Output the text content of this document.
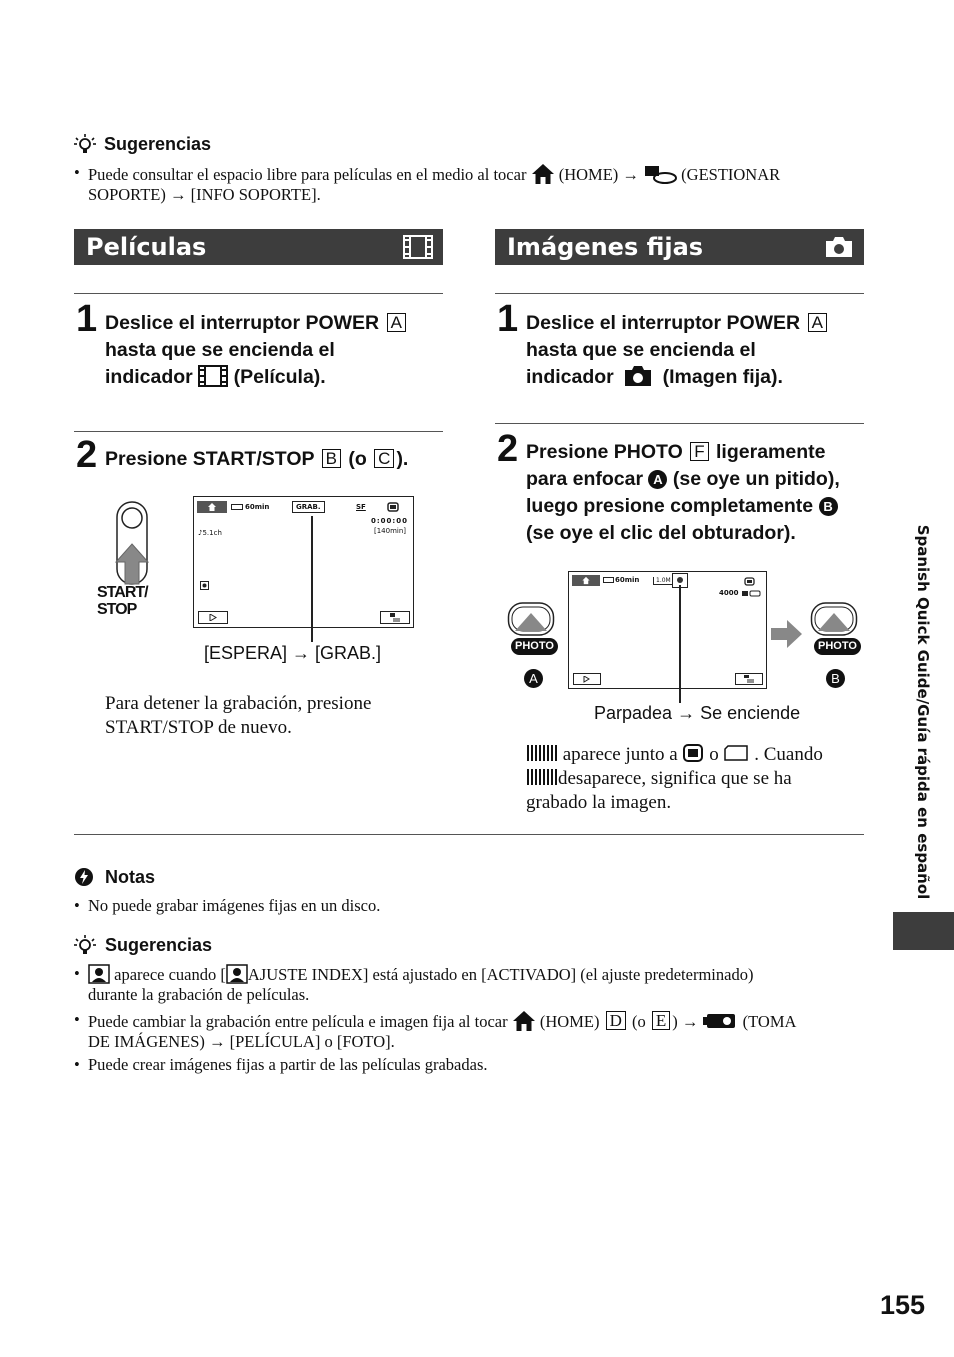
Sugerencias
• Puede consultar el espacio libre para películas en el medio al tocar (HOME) →	(GESTIONAR
SOPORTE) → [INFO SOPORTE].
Películas
1 Deslice el interruptor POWER A
hasta que se encienda el
indicador (Película).
2 Presione START/STOP B (o C ).
START/
STOP
60min	GRAB.	SF
0:00:00
[140min]
♪5.1ch
[ESPERA] → [GRAB.]
Para detener la grabación, presione
START/STOP de nuevo.
Imágenes fijas
1 Deslice el interruptor POWER A
hasta que se encienda el
indicador	(Imagen fija).
2 Presione PHOTO F ligeramente
para enfocar A (se oye un pitido),
luego presione completamente B
(se oye el clic del obturador).
PHOTO
A
60min	1.0M
4000
PHOTO
B
Parpadea → Se enciende
aparece junto a o . Cuando
desaparece, significa que se ha
grabado la imagen.
Notas
• No puede grabar imágenes fijas en un disco.
Sugerencias
• aparece cuando [ AJUSTE INDEX] está ajustado en [ACTIVADO] (el ajuste predeterminado)
durante la grabación de películas.
• Puede cambiar la grabación entre película e imagen fija al tocar (HOME) D (o E ) →	(TOMA
DE IMÁGENES) → [PELÍCULA] o [FOTO].
• Puede crear imágenes fijas a partir de las películas grabadas.
Spanish Quick Guide/Guía rápida en español
155
